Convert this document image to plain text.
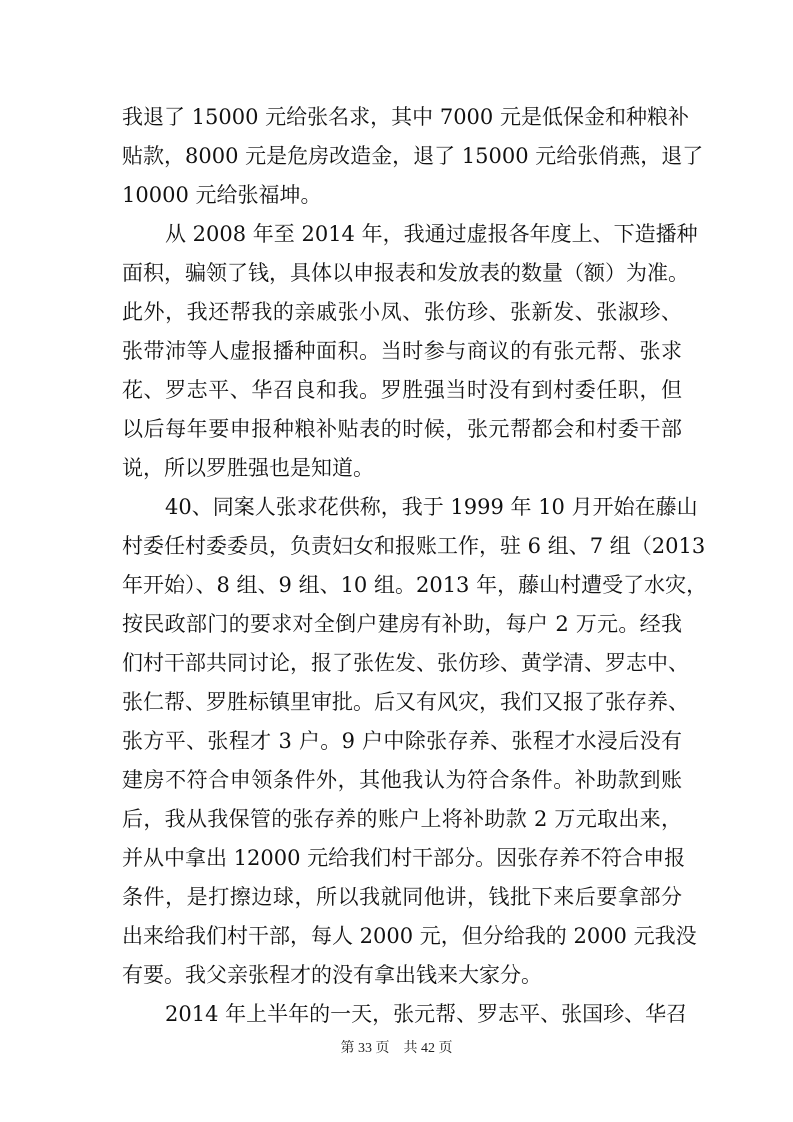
我退了 15000 元给张名求，其中 7000 元是低保金和种粮补
贴款，8000 元是危房改造金，退了 15000 元给张俏燕，退了
10000 元给张福坤。
从 2008 年至 2014 年，我通过虚报各年度上、下造播种
面积，骗领了钱，具体以申报表和发放表的数量（额）为准。
此外，我还帮我的亲戚张小凤、张仿珍、张新发、张淑珍、
张带沛等人虚报播种面积。当时参与商议的有张元帮、张求
花、罗志平、华召良和我。罗胜强当时没有到村委任职，但
以后每年要申报种粮补贴表的时候，张元帮都会和村委干部
说，所以罗胜强也是知道。
40、同案人张求花供称，我于 1999 年 10 月开始在藤山
村委任村委委员，负责妇女和报账工作，驻 6 组、7 组（2013
年开始）、8 组、9 组、10 组。2013 年，藤山村遭受了水灾，
按民政部门的要求对全倒户建房有补助，每户 2 万元。经我
们村干部共同讨论，报了张佐发、张仿珍、黄学清、罗志中、
张仁帮、罗胜标镇里审批。后又有风灾，我们又报了张存养、
张方平、张程才 3 户。9 户中除张存养、张程才水浸后没有
建房不符合申领条件外，其他我认为符合条件。补助款到账
后，我从我保管的张存养的账户上将补助款 2 万元取出来，
并从中拿出 12000 元给我们村干部分。因张存养不符合申报
条件，是打擦边球，所以我就同他讲，钱批下来后要拿部分
出来给我们村干部，每人 2000 元，但分给我的 2000 元我没
有要。我父亲张程才的没有拿出钱来大家分。
2014 年上半年的一天，张元帮、罗志平、张国珍、华召
第 33 页    共 42 页
